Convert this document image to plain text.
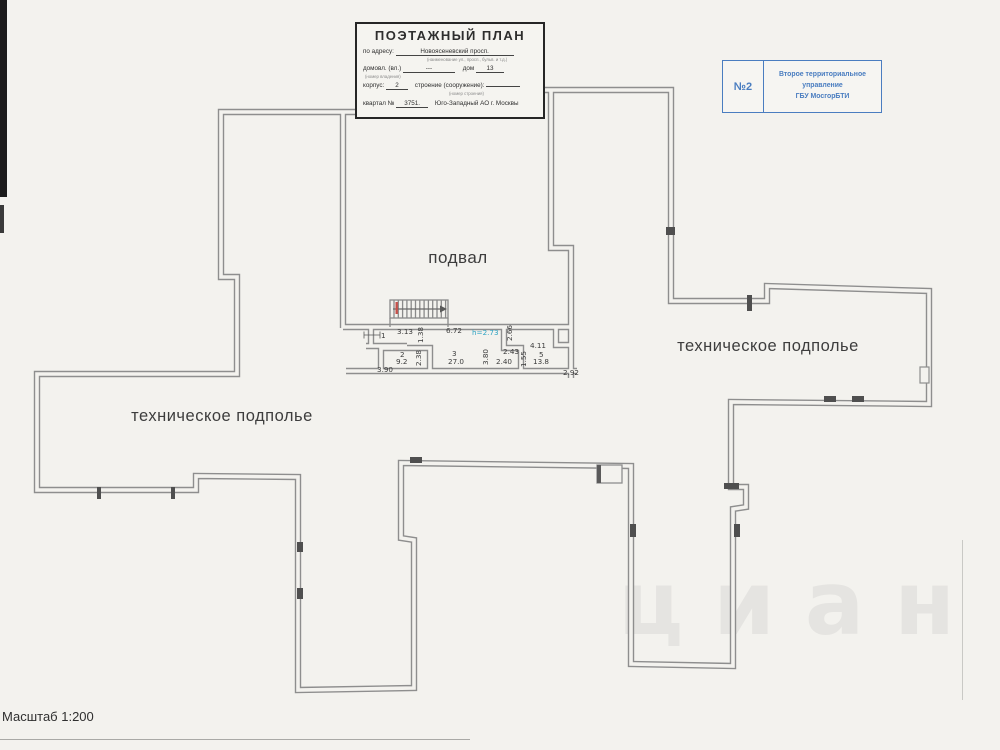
циан
1 3.13 1.38	6.72 h=2.73 2.66
2.43
4.11
2
9.2 2.38	3
27.0 3.80 2.40 1.55 5
13.8
3.90	2.92
подвал
техническое подполье
техническое подполье
Масштаб 1:200
ПОЭТАЖНЫЙ ПЛАН
по адресу:	Новоясеневский просп.
(наименование ул., просп., бульв. и т.д.)
домовл. (вл.)	---	дом 13
(номер владения)
корпус: 2	строение (сооружение):
(номер строения)
квартал № 3751. Юго-Западный АО г. Москвы
№2
Второе территориальное
управление
ГБУ МосгорБТИ
